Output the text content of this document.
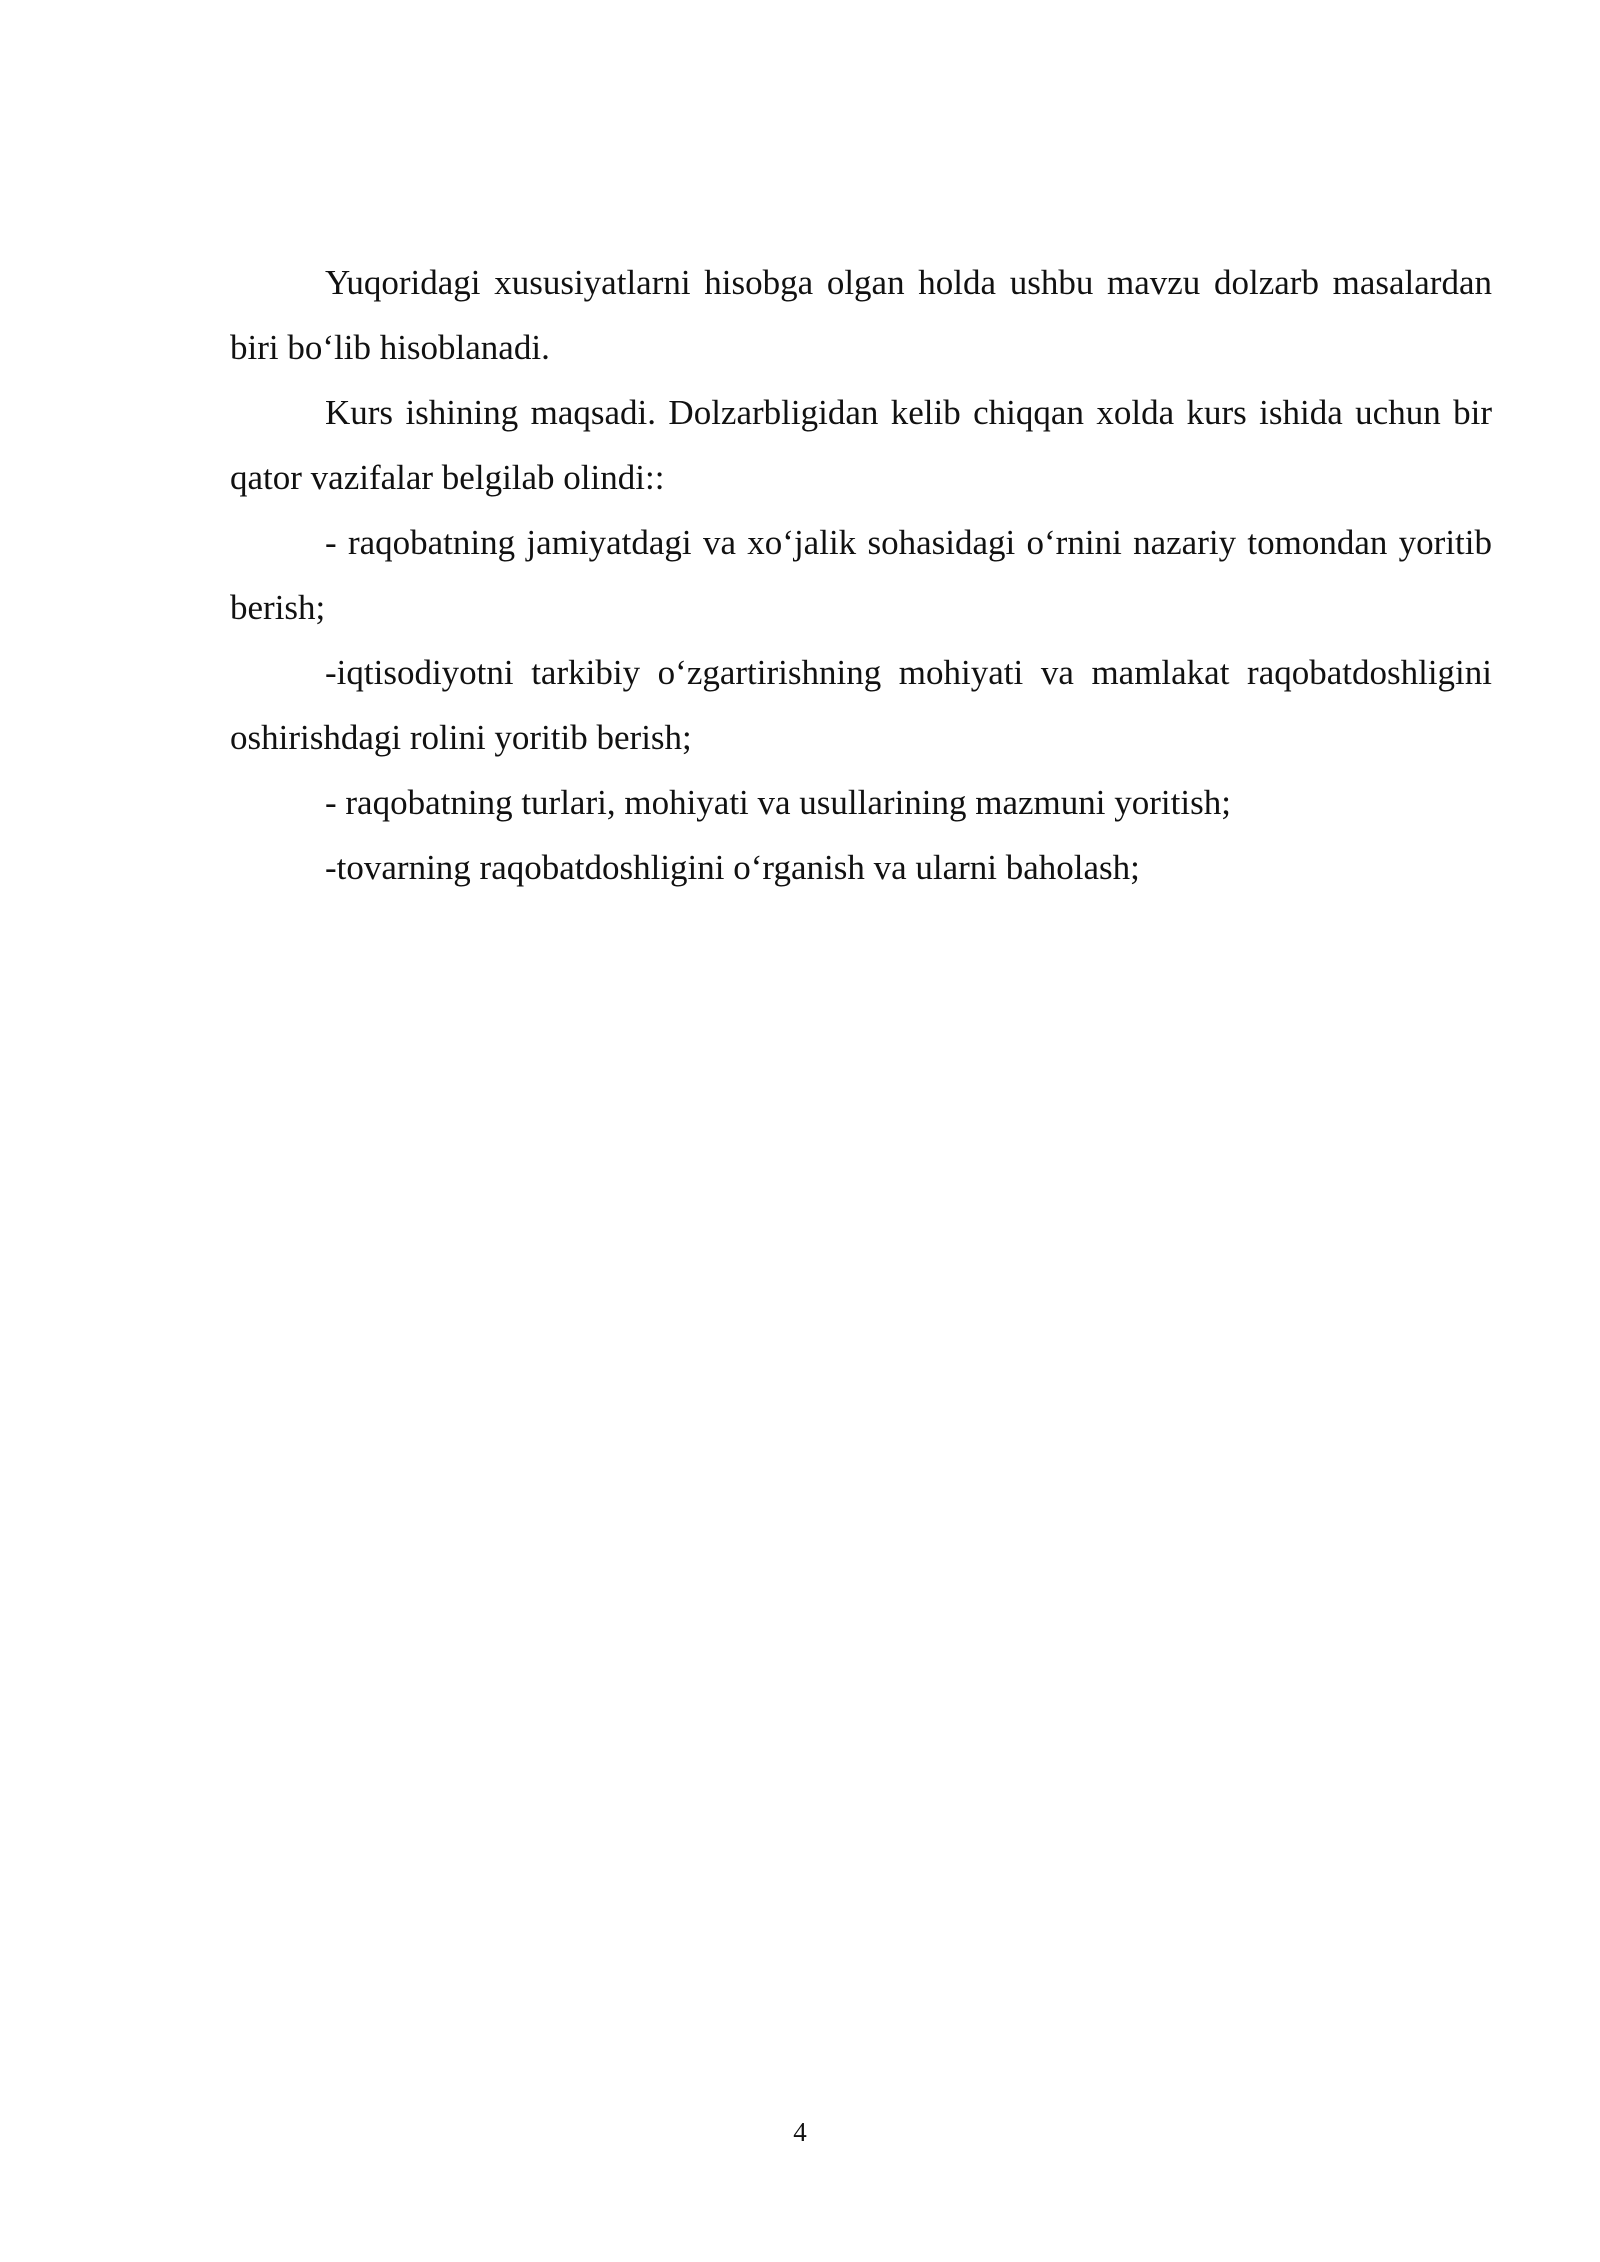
Yuqoridagi xususiyatlarni hisobga olgan holda ushbu mavzu dolzarb masalardan biri bo‘lib hisoblanadi.

Kurs ishining maqsadi. Dolzarbligidan kelib chiqqan xolda kurs ishida uchun bir qator vazifalar belgilab olindi::

- raqobatning jamiyatdagi va xo‘jalik sohasidagi o‘rnini nazariy tomondan yoritib berish;

-iqtisodiyotni tarkibiy o‘zgartirishning mohiyati va mamlakat raqobatdoshligini oshirishdagi rolini yoritib berish;

- raqobatning turlari, mohiyati va usullarining mazmuni yoritish;

-tovarning raqobatdoshligini o‘rganish va ularni baholash;

4
